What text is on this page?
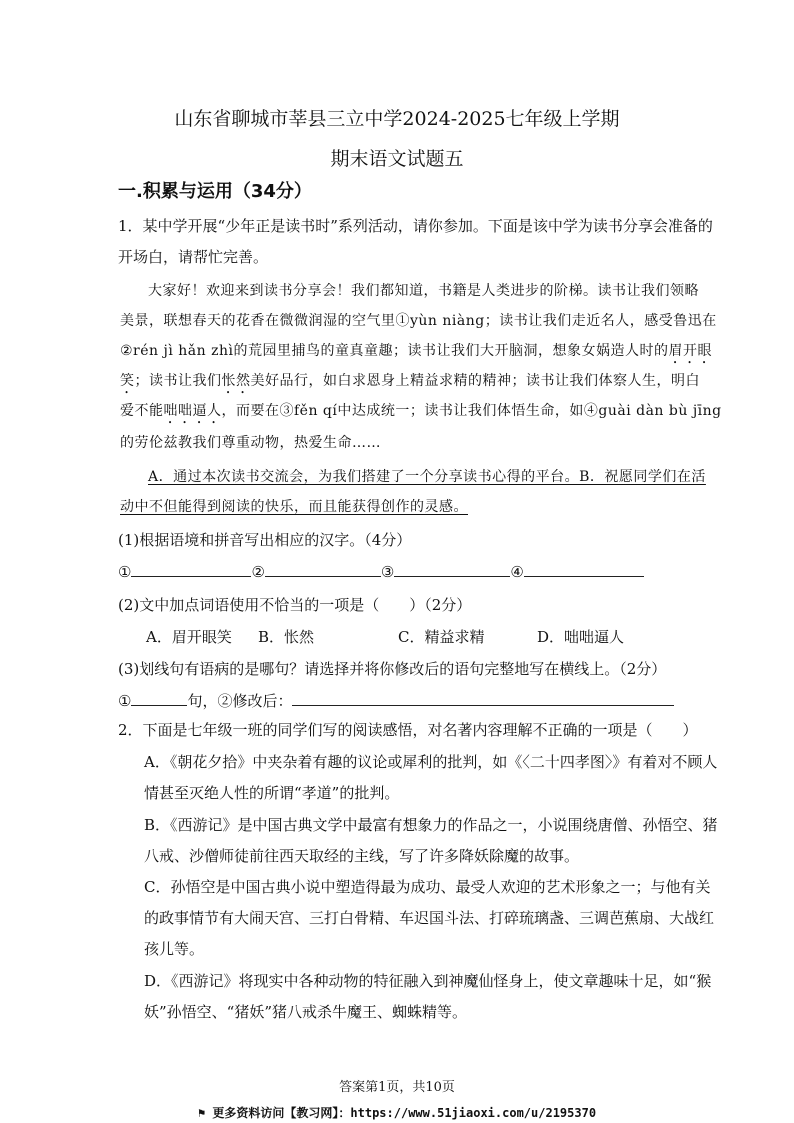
山东省聊城市莘县三立中学2024-2025七年级上学期
期末语文试题五
一.积累与运用（34分）
1．某中学开展“少年正是读书时”系列活动，请你参加。下面是该中学为读书分享会准备的
开场白，请帮忙完善。
大家好！欢迎来到读书分享会！我们都知道，书籍是人类进步的阶梯。读书让我们领略
美景，联想春天的花香在微微润湿的空气里①yùn niàng；读书让我们走近名人，感受鲁迅在
②rén jì hǎn zhì的荒园里捕鸟的童真童趣；读书让我们大开脑洞，想象女娲造人时的眉开眼
笑；读书让我们怅然美好品行，如白求恩身上精益求精的精神；读书让我们体察人生，明白
爱不能咄咄逼人，而要在③fěn qí中达成统一；读书让我们体悟生命，如④guài dàn bù jīng
的劳伦兹教我们尊重动物，热爱生命……
A．通过本次读书交流会，为我们搭建了一个分享读书心得的平台。B．祝愿同学们在活
动中不但能得到阅读的快乐，而且能获得创作的灵感。
(1)根据语境和拼音写出相应的汉字。（4分）
①	②	③	④
(2)文中加点词语使用不恰当的一项是（　　）（2分）
A．眉开眼笑 B．怅然	C．精益求精	D．咄咄逼人
(3)划线句有语病的是哪句？请选择并将你修改后的语句完整地写在横线上。（2分）
①	句，②修改后：
2．下面是七年级一班的同学们写的阅读感悟，对名著内容理解不正确的一项是（　　）
A．《朝花夕拾》中夹杂着有趣的议论或犀利的批判，如《〈二十四孝图〉》有着对不顾人
情甚至灭绝人性的所谓“孝道”的批判。
B．《西游记》是中国古典文学中最富有想象力的作品之一，小说围绕唐僧、孙悟空、猪
八戒、沙僧师徒前往西天取经的主线，写了许多降妖除魔的故事。
C．孙悟空是中国古典小说中塑造得最为成功、最受人欢迎的艺术形象之一；与他有关
的政事情节有大闹天宫、三打白骨精、车迟国斗法、打碎琉璃盏、三调芭蕉扇、大战红
孩儿等。
D．《西游记》将现实中各种动物的特征融入到神魔仙怪身上，使文章趣味十足，如“猴
妖”孙悟空、“猪妖”猪八戒杀牛魔王、蜘蛛精等。
答案第1页，共10页
⚑ 更多资料访问【教习网】：https://www.51jiaoxi.com/u/2195370
